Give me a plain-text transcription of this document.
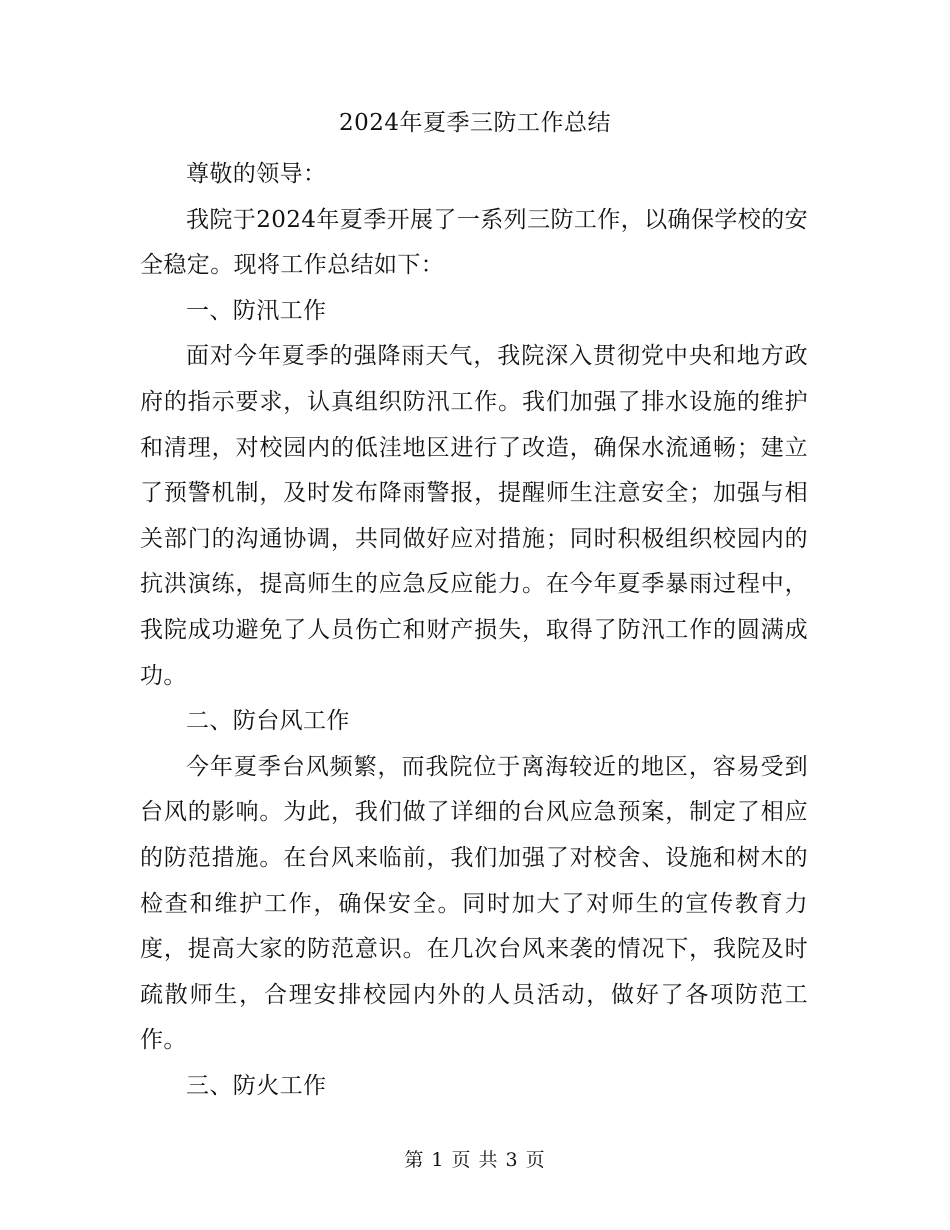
2024年夏季三防工作总结

尊敬的领导：

我院于2024年夏季开展了一系列三防工作，以确保学校的安全稳定。现将工作总结如下：

一、防汛工作

面对今年夏季的强降雨天气，我院深入贯彻党中央和地方政府的指示要求，认真组织防汛工作。我们加强了排水设施的维护和清理，对校园内的低洼地区进行了改造，确保水流通畅；建立了预警机制，及时发布降雨警报，提醒师生注意安全；加强与相关部门的沟通协调，共同做好应对措施；同时积极组织校园内的抗洪演练，提高师生的应急反应能力。在今年夏季暴雨过程中，我院成功避免了人员伤亡和财产损失，取得了防汛工作的圆满成功。

二、防台风工作

今年夏季台风频繁，而我院位于离海较近的地区，容易受到台风的影响。为此，我们做了详细的台风应急预案，制定了相应的防范措施。在台风来临前，我们加强了对校舍、设施和树木的检查和维护工作，确保安全。同时加大了对师生的宣传教育力度，提高大家的防范意识。在几次台风来袭的情况下，我院及时疏散师生，合理安排校园内外的人员活动，做好了各项防范工作。

三、防火工作

第 1 页 共 3 页
